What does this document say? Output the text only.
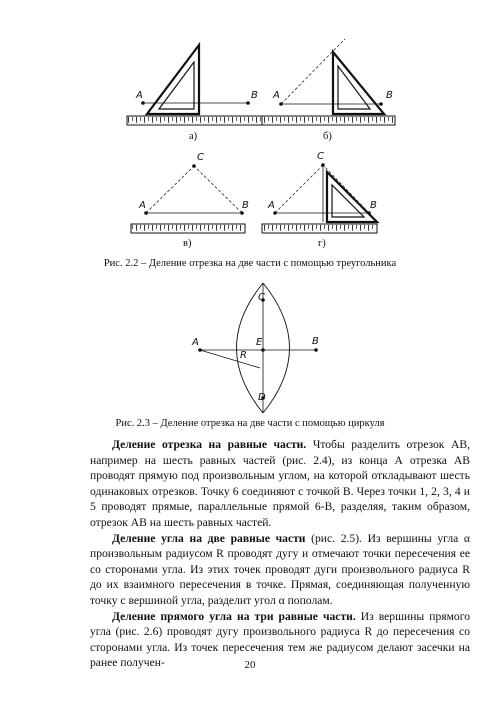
A	B A	B
A	B
C
A	B
C
A	B
C
D
E
R
а)	б)
в)	г)
Рис. 2.2 – Деление отрезка на две части с помощью треугольника
Рис. 2.3 – Деление отрезка на две части с помощью циркуля

Деление отрезка на равные части. Чтобы разделить отрезок АВ, например на шесть равных частей (рис. 2.4), из конца А отрезка АВ проводят прямую под произвольным углом, на которой откладывают шесть одинаковых отрезков. Точку 6 соединяют с точкой В. Через точки 1, 2, 3, 4 и 5 проводят прямые, параллельные прямой 6-В, разделяя, таким образом, отрезок АВ на шесть равных частей.

Деление угла на две равные части (рис. 2.5). Из вершины угла α произвольным радиусом R проводят дугу и отмечают точки пересечения ее со сторонами угла. Из этих точек проводят дуги произвольного радиуса R до их взаимного пересечения в точке. Прямая, соединяющая полученную точку с вершиной угла, разделит угол α пополам.

Деление прямого угла на три равные части. Из вершины прямого угла (рис. 2.6) проводят дугу произвольного радиуса R до пересечения со сторонами угла. Из точек пересечения тем же радиусом делают засечки на ранее получен-	20
